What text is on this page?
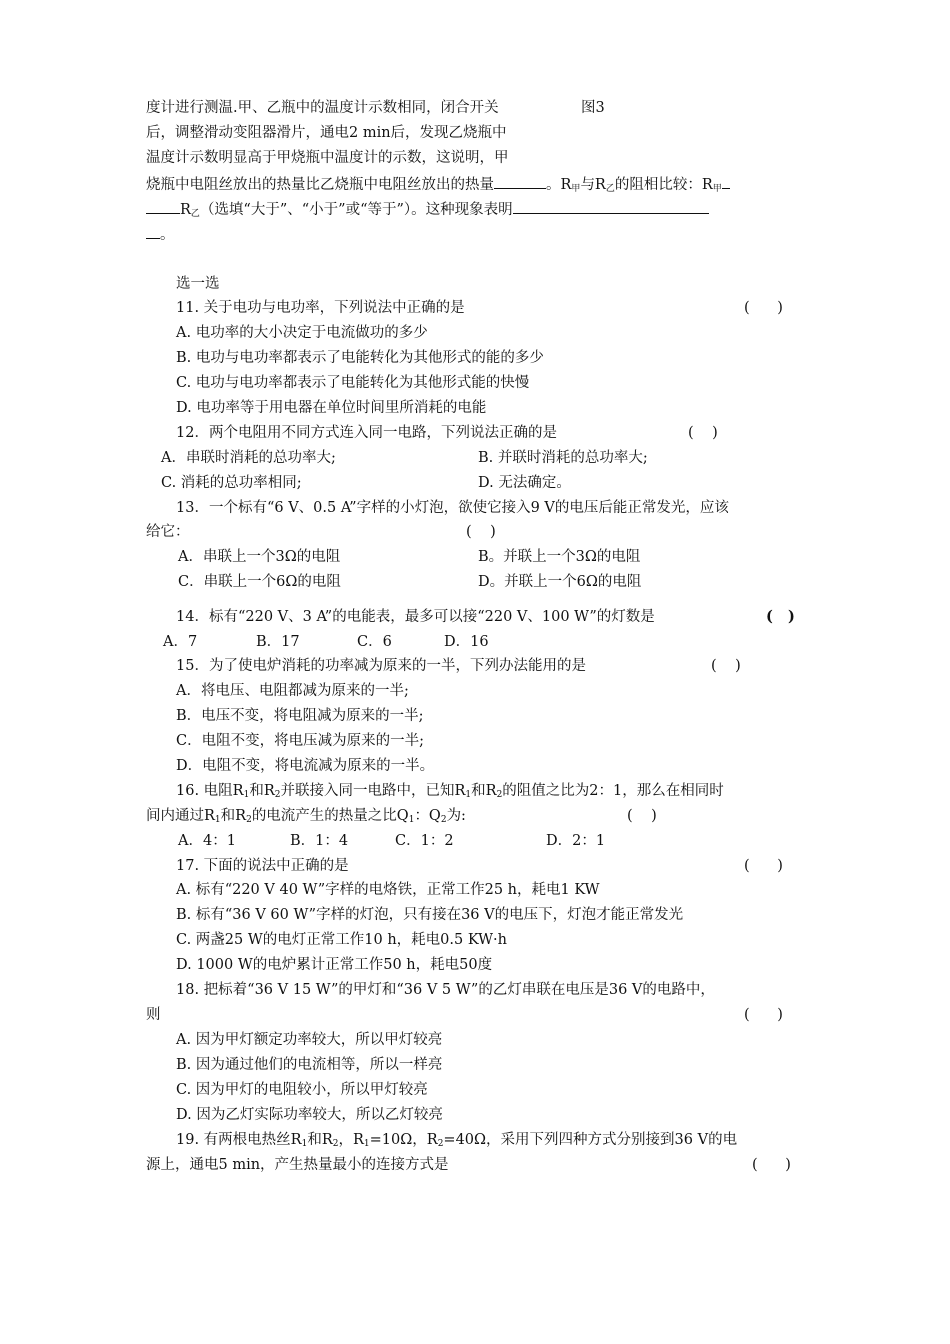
度计进行测温.甲、乙瓶中的温度计示数相同，闭合开关	图3
后，调整滑动变阻器滑片，通电2 min后，发现乙烧瓶中
温度计示数明显高于甲烧瓶中温度计的示数，这说明，甲
烧瓶中电阻丝放出的热量比乙烧瓶中电阻丝放出的热量	。$R_甲$与$R_乙$的阻相比较：$R_甲$
$R_乙$（选填“大于”、“小于”或“等于”）。这种现象表明
。
选一选
11. 关于电功与电功率，下列说法中正确的是	(      )
A. 电功率的大小决定于电流做功的多少
B. 电功与电功率都表示了电能转化为其他形式的能的多少
C. 电功与电功率都表示了电能转化为其他形式能的快慢
D. 电功率等于用电器在单位时间里所消耗的电能
12．两个电阻用不同方式连入同一电路，下列说法正确的是	(    )
A．串联时消耗的总功率大;	B. 并联时消耗的总功率大;
C. 消耗的总功率相同;	D. 无法确定。
13．一个标有“6 V、0.5 A”字样的小灯泡，欲使它接入9 V的电压后能正常发光，应该
给它：	(    )
A．串联上一个3Ω的电阻	B。并联上一个3Ω的电阻
C．串联上一个6Ω的电阻	D。并联上一个6Ω的电阻
14．标有“220 V、3 A”的电能表，最多可以接“220 V、100 W”的灯数是	(   )
A．7	B．17	C．6	D．16
15．为了使电炉消耗的功率减为原来的一半，下列办法能用的是	(    )
A．将电压、电阻都减为原来的一半;
B．电压不变，将电阻减为原来的一半;
C．电阻不变，将电压减为原来的一半;
D．电阻不变，将电流减为原来的一半。
16. 电阻$R_1$和$R_2$并联接入同一电路中，已知$R_1$和$R_2$的阻值之比为2：1，那么在相同时
间内通过$R_1$和$R_2$的电流产生的热量之比$Q_1$：$Q_2$为:	(    )
A．4：1	B．1：4	C．1：2	D．2：1
17. 下面的说法中正确的是	(      )
A. 标有“220 V 40 W”字样的电烙铁，正常工作25 h，耗电1 KW
B. 标有“36 V 60 W”字样的灯泡，只有接在36 V的电压下，灯泡才能正常发光
C. 两盏25 W的电灯正常工作10 h，耗电0.5 KW·h
D. 1000 W的电炉累计正常工作50 h，耗电50度
18. 把标着“36 V 15 W”的甲灯和“36 V 5 W”的乙灯串联在电压是36 V的电路中，
则	(      )
A. 因为甲灯额定功率较大，所以甲灯较亮
B. 因为通过他们的电流相等，所以一样亮
C. 因为甲灯的电阻较小，所以甲灯较亮
D. 因为乙灯实际功率较大，所以乙灯较亮
19. 有两根电热丝$R_1$和$R_2$，$R_1=10\Omega$，$R_2=40\Omega$，采用下列四种方式分别接到36 V的电
源上，通电5 min，产生热量最小的连接方式是	(      )
